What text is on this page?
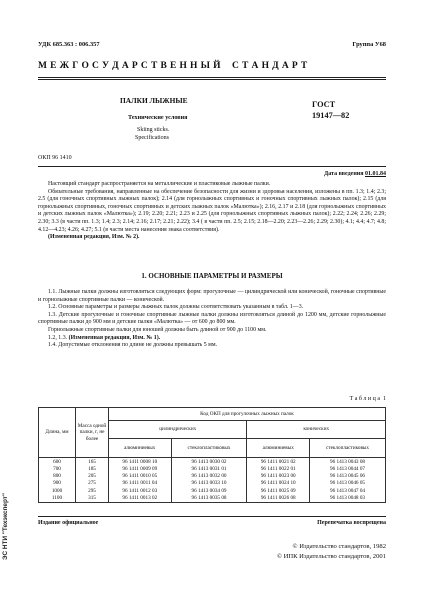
УДК 685.363 : 006.357	Группа У68
М Е Ж Г О С У Д А Р С Т В Е Н Н Ы Й    С Т А Н Д А Р Т
ПАЛКИ ЛЫЖНЫЕ
Технические условия
Skiing sticks.
Specifications
ГОСТ
19147—82
ОКП 96 1410
Дата введения 01.01.84
Настоящий стандарт распространяется на металлические и пластиковые лыжные палки.
Обязательные требования, направленные на обеспечение безопасности для жизни и здоровья населения, изложены в пп. 1.3; 1.4; 2.3; 2.5 (для гоночных спортивных лыжных палок); 2.14 (для горнолыжных спортивных и гоночных спортивных лыжных палок); 2.15 (для горнолыжных спортивных, гоночных спортивных и детских лыжных палок «Малютка»); 2.16, 2.17 и 2.18 (для горнолыжных спортивных и детских лыжных палок «Малютка»); 2.19; 2.20; 2.21; 2.23 и 2.25 (для горнолыжных спортивных лыжных палок); 2.22; 2.24; 2.26; 2.29; 2.30; 3.3 (в части пп. 1.3; 1.4; 2.3; 2.14; 2.16; 2.17; 2.21; 2.22); 3.4 ( в части пп. 2.5; 2.15; 2.18—2.20; 2.23—2.26; 2.29; 2.30); 4.1; 4.4; 4.7; 4.8; 4.12—4.23; 4.26; 4.27; 5.1 (в части места нанесения знака соответствия).
(Измененная редакция, Изм. № 2).
1. ОСНОВНЫЕ ПАРАМЕТРЫ И РАЗМЕРЫ
1.1. Лыжные палки должны изготовляться следующих форм: прогулочные — цилиндрической или конической, гоночные спортивные и горнолыжные спортивные палки — конической.
1.2. Основные параметры и размеры лыжных палок должны соответствовать указанным в табл. 1—3.
1.3. Детские прогулочные и гоночные спортивные лыжные палки должны изготовляться длиной до 1200 мм, детские горнолыжные спортивные палки до 900 мм и детские палки «Малютка» — от 600 до 800 мм.
Горнолыжные спортивные палки для юношей должны быть длиной от 900 до 1100 мм.
1.2, 1.3. (Измененная редакция, Изм. № 1).
1.4. Допустимые отклонения по длине не должны превышать 5 мм.
Т а б л и ц а  1
Длина, мм	Масса одной палки, г, не более	Код ОКП для прогулочных лыжных палок			
		цилиндрических		конических	
		алюминиевых	стеклопластиковых	алюминиевых	стеклопластиковых
600	165	96 1411 0008 10	96 1413 0030 02	96 1411 0021 02	96 1413 0043 08
700	185	96 1411 0009 09	96 1413 0031 01	96 1411 0022 01	96 1413 0044 07
800	205	96 1411 0010 05	96 1413 0032 00	96 1411 0023 00	96 1413 0045 06
900	275	96 1411 0011 04	96 1413 0033 10	96 1411 0024 10	96 1413 0046 05
1000	295	96 1411 0012 03	96 1413 0034 09	96 1411 0025 09	96 1413 0047 04
1100	315	96 1411 0013 02	96 1413 0035 08	96 1411 0026 08	96 1413 0048 03
Издание официальное	Перепечатка воспрещена
© Издательство стандартов, 1982
© ИПК Издательство стандартов, 2001
ЭС НТИ "Техэксперт"
